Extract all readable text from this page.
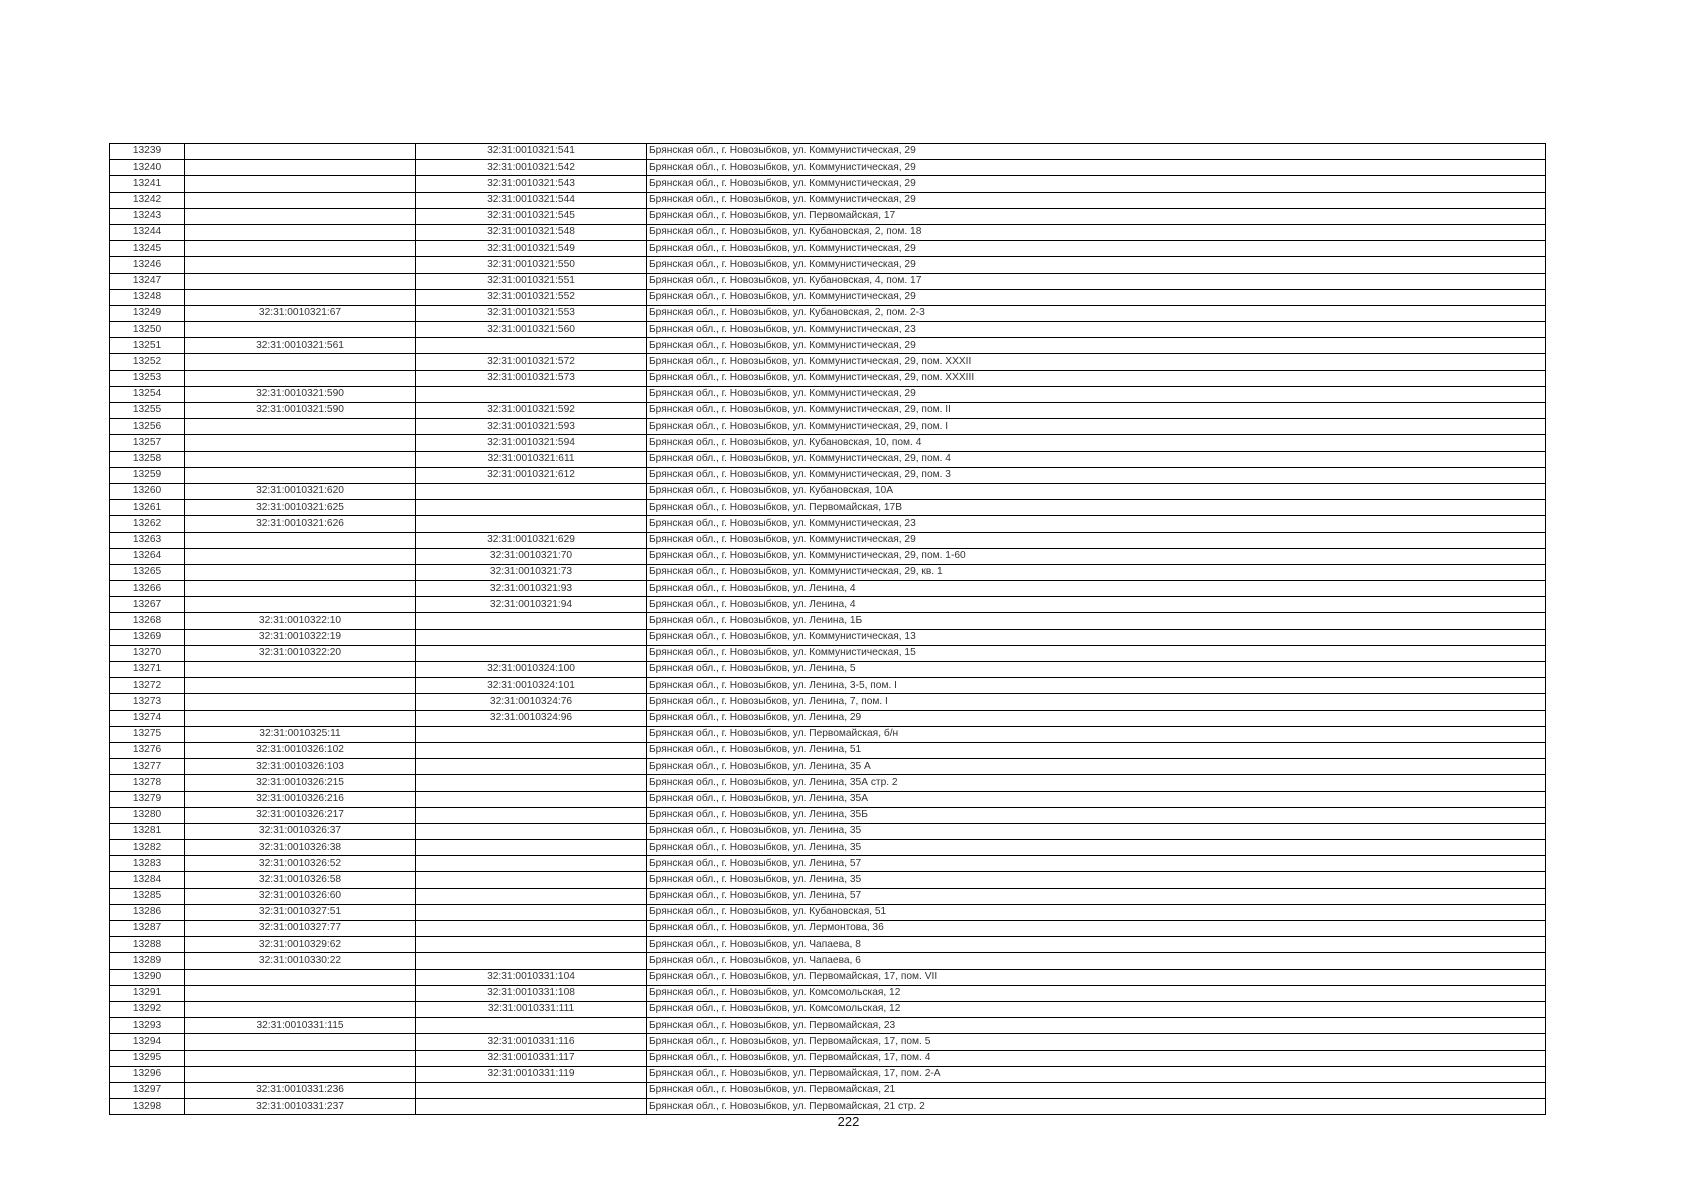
13239		32:31:0010321:541	Брянская обл., г. Новозыбков, ул. Коммунистическая, 29
13240		32:31:0010321:542	Брянская обл., г. Новозыбков, ул. Коммунистическая, 29
13241		32:31:0010321:543	Брянская обл., г. Новозыбков, ул. Коммунистическая, 29
13242		32:31:0010321:544	Брянская обл., г. Новозыбков, ул. Коммунистическая, 29
13243		32:31:0010321:545	Брянская обл., г. Новозыбков, ул. Первомайская, 17
13244		32:31:0010321:548	Брянская обл., г. Новозыбков, ул. Кубановская, 2, пом. 18
13245		32:31:0010321:549	Брянская обл., г. Новозыбков, ул. Коммунистическая, 29
13246		32:31:0010321:550	Брянская обл., г. Новозыбков, ул. Коммунистическая, 29
13247		32:31:0010321:551	Брянская обл., г. Новозыбков, ул. Кубановская, 4, пом. 17
13248		32:31:0010321:552	Брянская обл., г. Новозыбков, ул. Коммунистическая, 29
13249	32:31:0010321:67	32:31:0010321:553	Брянская обл., г. Новозыбков, ул. Кубановская, 2, пом. 2-3
13250		32:31:0010321:560	Брянская обл., г. Новозыбков, ул. Коммунистическая, 23
13251	32:31:0010321:561		Брянская обл., г. Новозыбков, ул. Коммунистическая, 29
13252		32:31:0010321:572	Брянская обл., г. Новозыбков, ул. Коммунистическая, 29, пом. XXXII
13253		32:31:0010321:573	Брянская обл., г. Новозыбков, ул. Коммунистическая, 29, пом. XXXIII
13254	32:31:0010321:590		Брянская обл., г. Новозыбков, ул. Коммунистическая, 29
13255	32:31:0010321:590	32:31:0010321:592	Брянская обл., г. Новозыбков, ул. Коммунистическая, 29, пом. II
13256		32:31:0010321:593	Брянская обл., г. Новозыбков, ул. Коммунистическая, 29, пом. I
13257		32:31:0010321:594	Брянская обл., г. Новозыбков, ул. Кубановская, 10, пом. 4
13258		32:31:0010321:611	Брянская обл., г. Новозыбков, ул. Коммунистическая, 29, пом. 4
13259		32:31:0010321:612	Брянская обл., г. Новозыбков, ул. Коммунистическая, 29, пом. 3
13260	32:31:0010321:620		Брянская обл., г. Новозыбков, ул. Кубановская, 10А
13261	32:31:0010321:625		Брянская обл., г. Новозыбков, ул. Первомайская, 17В
13262	32:31:0010321:626		Брянская обл., г. Новозыбков, ул. Коммунистическая, 23
13263		32:31:0010321:629	Брянская обл., г. Новозыбков, ул. Коммунистическая, 29
13264		32:31:0010321:70	Брянская обл., г. Новозыбков, ул. Коммунистическая, 29, пом. 1-60
13265		32:31:0010321:73	Брянская обл., г. Новозыбков, ул. Коммунистическая, 29, кв. 1
13266		32:31:0010321:93	Брянская обл., г. Новозыбков, ул. Ленина, 4
13267		32:31:0010321:94	Брянская обл., г. Новозыбков, ул. Ленина, 4
13268	32:31:0010322:10		Брянская обл., г. Новозыбков, ул. Ленина, 1Б
13269	32:31:0010322:19		Брянская обл., г. Новозыбков, ул. Коммунистическая, 13
13270	32:31:0010322:20		Брянская обл., г. Новозыбков, ул. Коммунистическая, 15
13271		32:31:0010324:100	Брянская обл., г. Новозыбков, ул. Ленина, 5
13272		32:31:0010324:101	Брянская обл., г. Новозыбков, ул. Ленина, 3-5, пом. I
13273		32:31:0010324:76	Брянская обл., г. Новозыбков, ул. Ленина, 7, пом. I
13274		32:31:0010324:96	Брянская обл., г. Новозыбков, ул. Ленина, 29
13275	32:31:0010325:11		Брянская обл., г. Новозыбков, ул. Первомайская, б/н
13276	32:31:0010326:102		Брянская обл., г. Новозыбков, ул. Ленина, 51
13277	32:31:0010326:103		Брянская обл., г. Новозыбков, ул. Ленина, 35 А
13278	32:31:0010326:215		Брянская обл., г. Новозыбков, ул. Ленина, 35А стр. 2
13279	32:31:0010326:216		Брянская обл., г. Новозыбков, ул. Ленина, 35А
13280	32:31:0010326:217		Брянская обл., г. Новозыбков, ул. Ленина, 35Б
13281	32:31:0010326:37		Брянская обл., г. Новозыбков, ул. Ленина, 35
13282	32:31:0010326:38		Брянская обл., г. Новозыбков, ул. Ленина, 35
13283	32:31:0010326:52		Брянская обл., г. Новозыбков, ул. Ленина, 57
13284	32:31:0010326:58		Брянская обл., г. Новозыбков, ул. Ленина, 35
13285	32:31:0010326:60		Брянская обл., г. Новозыбков, ул. Ленина, 57
13286	32:31:0010327:51		Брянская обл., г. Новозыбков, ул. Кубановская, 51
13287	32:31:0010327:77		Брянская обл., г. Новозыбков, ул. Лермонтова, 36
13288	32:31:0010329:62		Брянская обл., г. Новозыбков, ул. Чапаева, 8
13289	32:31:0010330:22		Брянская обл., г. Новозыбков, ул. Чапаева, 6
13290		32:31:0010331:104	Брянская обл., г. Новозыбков, ул. Первомайская, 17, пом. VII
13291		32:31:0010331:108	Брянская обл., г. Новозыбков, ул. Комсомольская, 12
13292		32:31:0010331:111	Брянская обл., г. Новозыбков, ул. Комсомольская, 12
13293	32:31:0010331:115		Брянская обл., г. Новозыбков, ул. Первомайская, 23
13294		32:31:0010331:116	Брянская обл., г. Новозыбков, ул. Первомайская, 17, пом. 5
13295		32:31:0010331:117	Брянская обл., г. Новозыбков, ул. Первомайская, 17, пом. 4
13296		32:31:0010331:119	Брянская обл., г. Новозыбков, ул. Первомайская, 17, пом. 2-А
13297	32:31:0010331:236		Брянская обл., г. Новозыбков, ул. Первомайская, 21
13298	32:31:0010331:237		Брянская обл., г. Новозыбков, ул. Первомайская, 21 стр. 2
222
